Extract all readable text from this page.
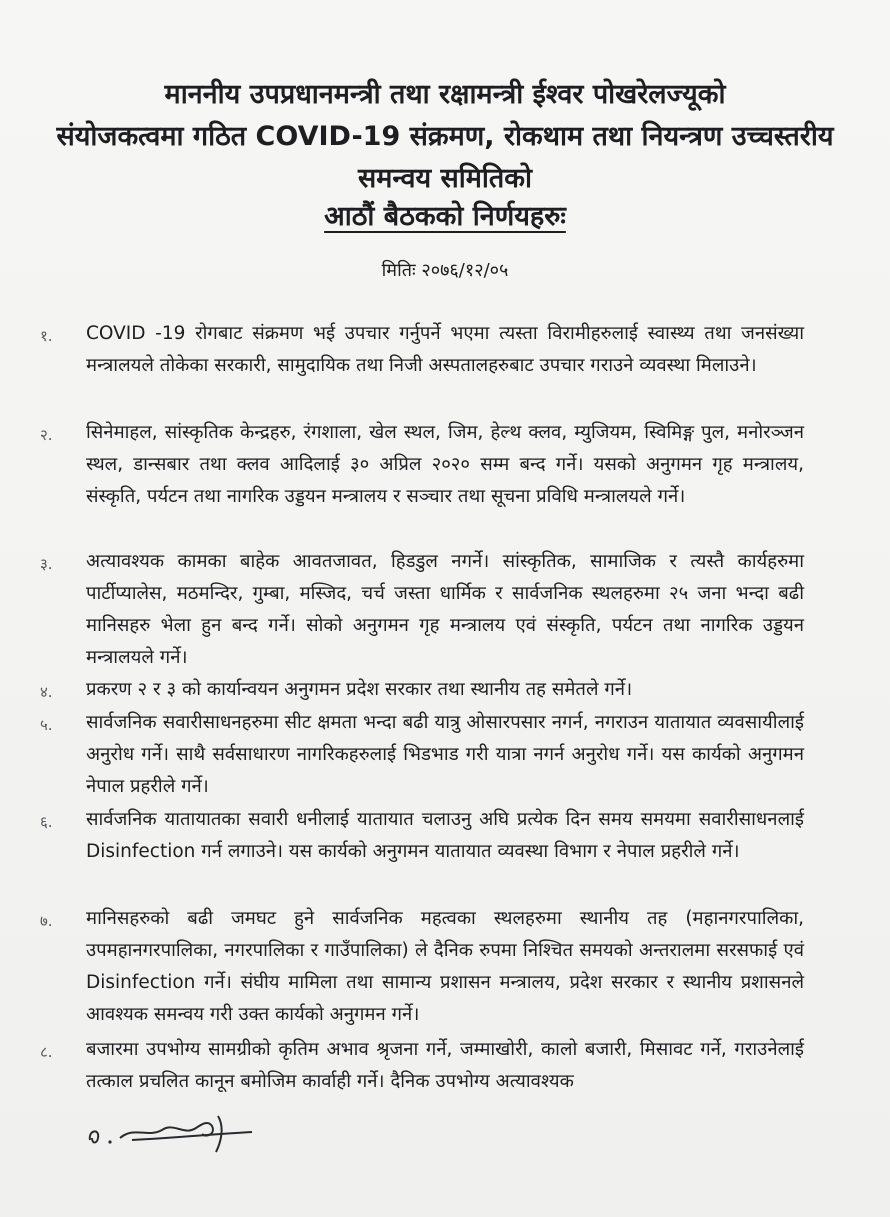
माननीय उपप्रधानमन्त्री तथा रक्षामन्त्री ईश्वर पोखरेलज्यूको
संयोजकत्वमा गठित COVID-19 संक्रमण, रोकथाम तथा नियन्त्रण उच्चस्तरीय
समन्वय समितिको
आठौं बैठकको निर्णयहरुः
मितिः २०७६/१२/०५
१. COVID -19 रोगबाट संक्रमण भई उपचार गर्नुपर्ने भएमा त्यस्ता विरामीहरुलाई स्वास्थ्य तथा जनसंख्या मन्त्रालयले तोकेका सरकारी, सामुदायिक तथा निजी अस्पतालहरुबाट उपचार गराउने व्यवस्था मिलाउने।
२. सिनेमाहल, सांस्कृतिक केन्द्रहरु, रंगशाला, खेल स्थल, जिम, हेल्थ क्लव, म्युजियम, स्विमिङ्ग पुल, मनोरञ्जन स्थल, डान्सबार तथा क्लव आदिलाई ३० अप्रिल २०२० सम्म बन्द गर्ने। यसको अनुगमन गृह मन्त्रालय, संस्कृति, पर्यटन तथा नागरिक उड्डयन मन्त्रालय र सञ्चार तथा सूचना प्रविधि मन्त्रालयले गर्ने।
३. अत्यावश्यक कामका बाहेक आवतजावत, हिडडुल नगर्ने। सांस्कृतिक, सामाजिक र त्यस्तै कार्यहरुमा पार्टीप्यालेस, मठमन्दिर, गुम्बा, मस्जिद, चर्च जस्ता धार्मिक र सार्वजनिक स्थलहरुमा २५ जना भन्दा बढी मानिसहरु भेला हुन बन्द गर्ने। सोको अनुगमन गृह मन्त्रालय एवं संस्कृति, पर्यटन तथा नागरिक उड्डयन मन्त्रालयले गर्ने।
४. प्रकरण २ र ३ को कार्यान्वयन अनुगमन प्रदेश सरकार तथा स्थानीय तह समेतले गर्ने।
५. सार्वजनिक सवारीसाधनहरुमा सीट क्षमता भन्दा बढी यात्रु ओसारपसार नगर्न, नगराउन यातायात व्यवसायीलाई अनुरोध गर्ने। साथै सर्वसाधारण नागरिकहरुलाई भिडभाड गरी यात्रा नगर्न अनुरोध गर्ने। यस कार्यको अनुगमन नेपाल प्रहरीले गर्ने।
६. सार्वजनिक यातायातका सवारी धनीलाई यातायात चलाउनु अघि प्रत्येक दिन समय समयमा सवारीसाधनलाई Disinfection गर्न लगाउने। यस कार्यको अनुगमन यातायात व्यवस्था विभाग र नेपाल प्रहरीले गर्ने।
७. मानिसहरुको बढी जमघट हुने सार्वजनिक महत्वका स्थलहरुमा स्थानीय तह (महानगरपालिका, उपमहानगरपालिका, नगरपालिका र गाउँपालिका) ले दैनिक रुपमा निश्चित समयको अन्तरालमा सरसफाई एवं Disinfection गर्ने। संघीय मामिला तथा सामान्य प्रशासन मन्त्रालय, प्रदेश सरकार र स्थानीय प्रशासनले आवश्यक समन्वय गरी उक्त कार्यको अनुगमन गर्ने।
८. बजारमा उपभोग्य सामग्रीको कृतिम अभाव श्रृजना गर्ने, जम्माखोरी, कालो बजारी, मिसावट गर्ने, गराउनेलाई तत्काल प्रचलित कानून बमोजिम कार्वाही गर्ने। दैनिक उपभोग्य अत्यावश्यक
